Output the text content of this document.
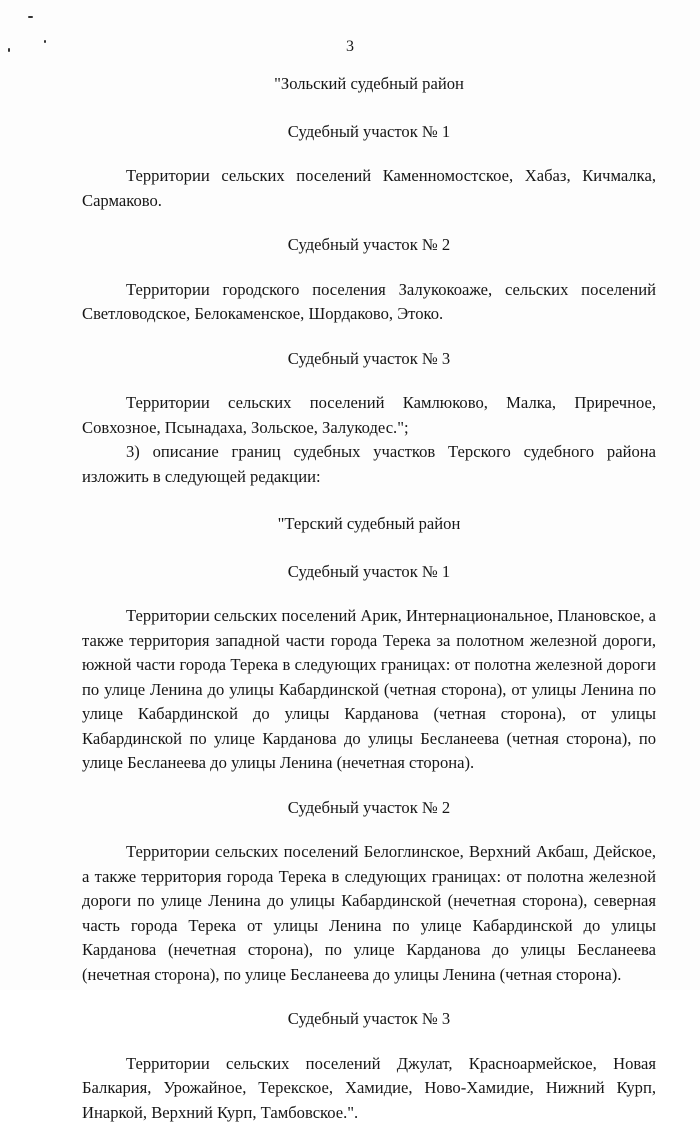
3

"Зольский судебный район

Судебный участок № 1

Территории сельских поселений Каменномостское, Хабаз, Кичмалка, Сармаково.

Судебный участок № 2

Территории городского поселения Залукокоаже, сельских поселений Светловодское, Белокаменское, Шордаково, Этоко.

Судебный участок № 3

Территории сельских поселений Камлюково, Малка, Приречное, Совхозное, Псынадаха, Зольское, Залукодес.";

3) описание границ судебных участков Терского судебного района изложить в следующей редакции:

"Терский судебный район

Судебный участок № 1

Территории сельских поселений Арик, Интернациональное, Плановское, а также территория западной части города Терека за полотном железной дороги, южной части города Терека в следующих границах: от полотна железной дороги по улице Ленина до улицы Кабардинской (четная сторона), от улицы Ленина по улице Кабардинской до улицы Карданова (четная сторона), от улицы Кабардинской по улице Карданова до улицы Бесланеева (четная сторона), по улице Бесланеева до улицы Ленина (нечетная сторона).

Судебный участок № 2

Территории сельских поселений Белоглинское, Верхний Акбаш, Дейское, а также территория города Терека в следующих границах: от полотна железной дороги по улице Ленина до улицы Кабардинской (нечетная сторона), северная часть города Терека от улицы Ленина по улице Кабардинской до улицы Карданова (нечетная сторона), по улице Карданова до улицы Бесланеева (нечетная сторона), по улице Бесланеева до улицы Ленина (четная сторона).

Судебный участок № 3

Территории сельских поселений Джулат, Красноармейское, Новая Балкария, Урожайное, Терекское, Хамидие, Ново-Хамидие, Нижний Курп, Инаркой, Верхний Курп, Тамбовское.".
